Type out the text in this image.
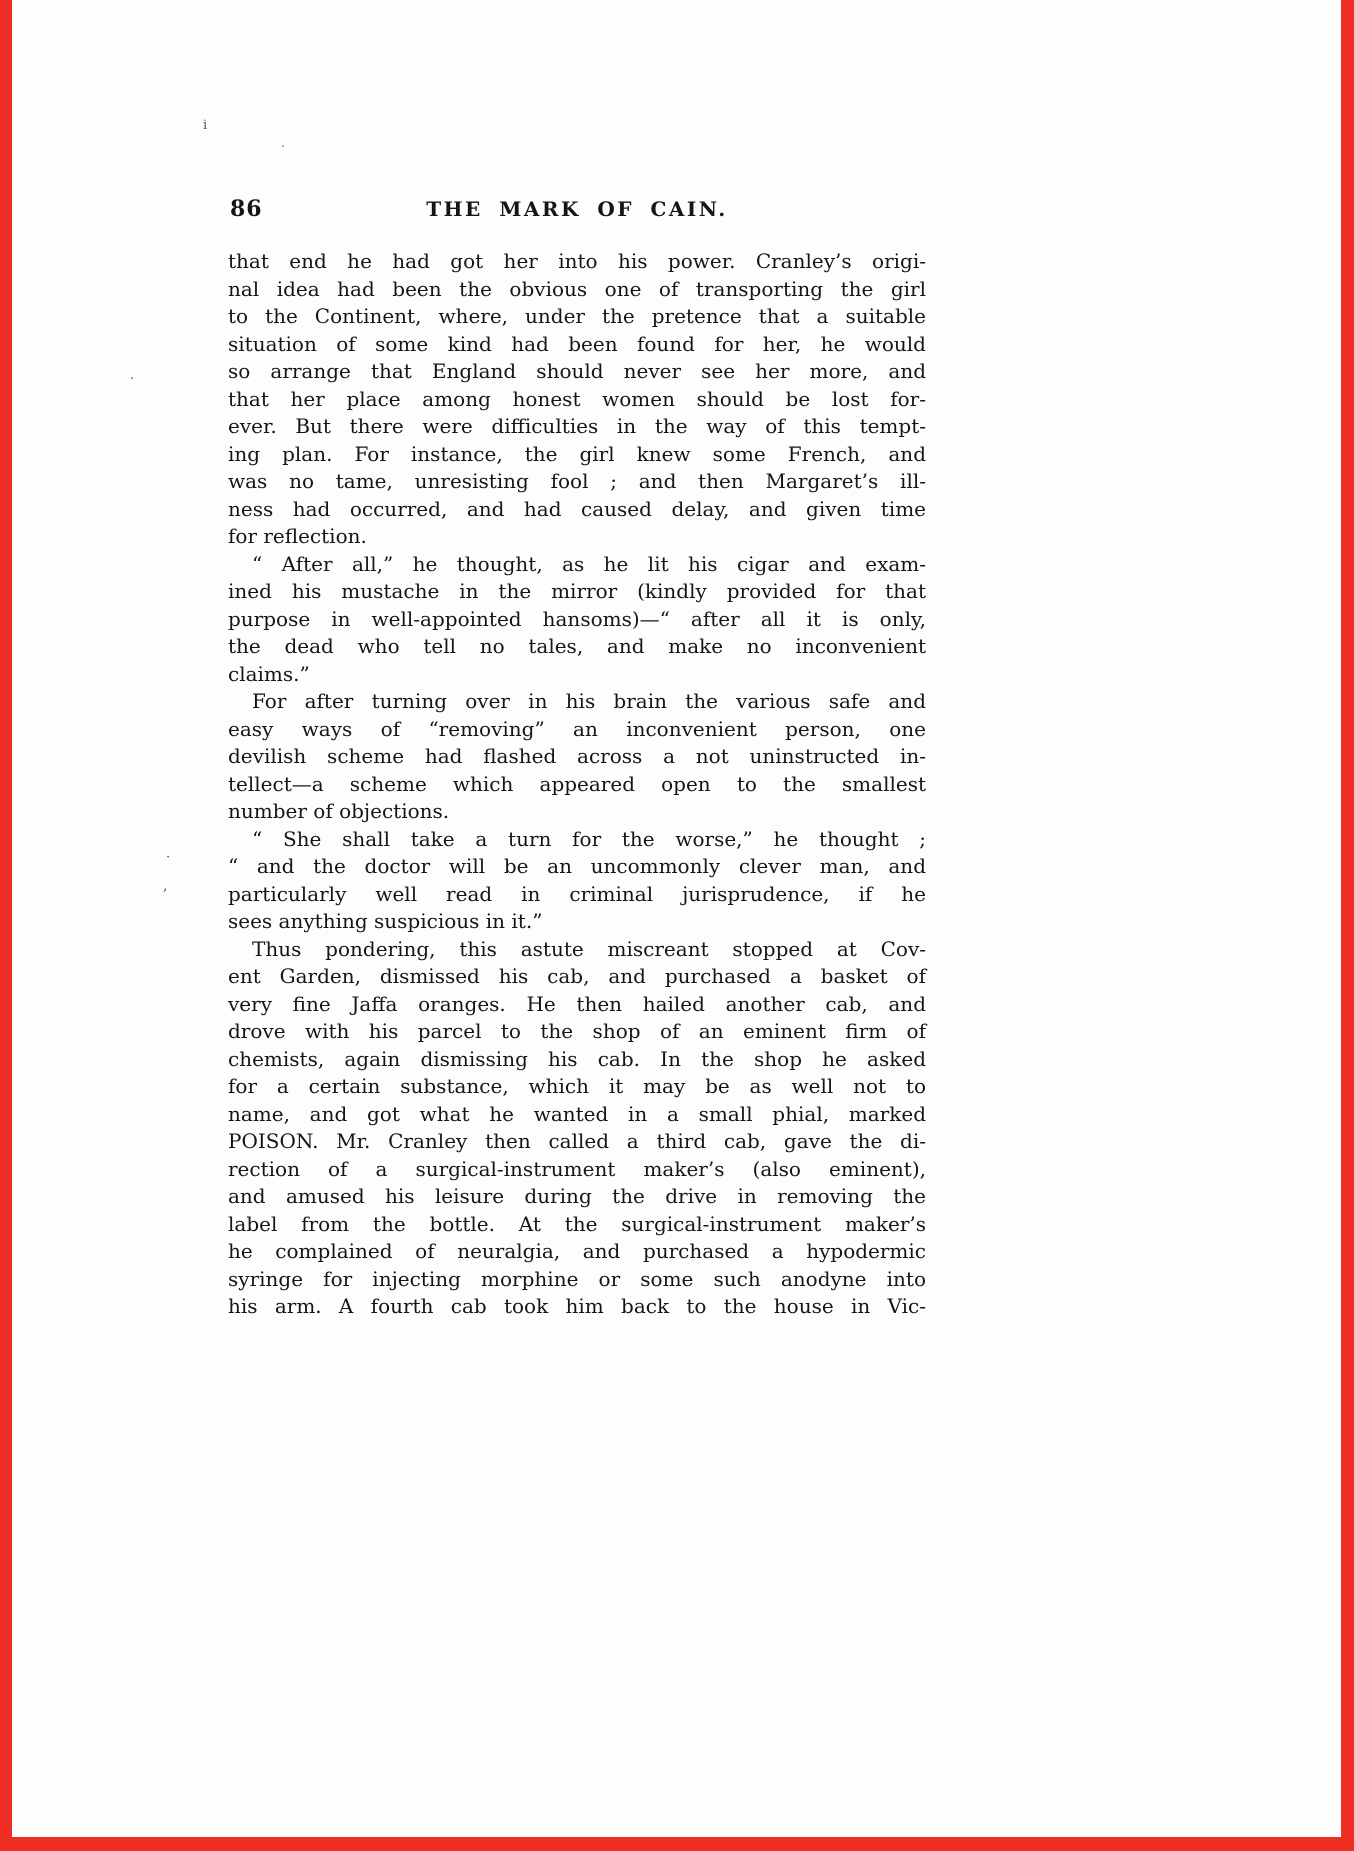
i
.
.
·
,
86	THE MARK OF CAIN.
that end he had got her into his power. Cranley’s origi-
nal idea had been the obvious one of transporting the girl
to the Continent, where, under the pretence that a suitable
situation of some kind had been found for her, he would
so arrange that England should never see her more, and
that her place among honest women should be lost for-
ever. But there were difficulties in the way of this tempt-
ing plan. For instance, the girl knew some French, and
was no tame, unresisting fool ; and then Margaret’s ill-
ness had occurred, and had caused delay, and given time
for reflection.
“ After all,” he thought, as he lit his cigar and exam-
ined his mustache in the mirror (kindly provided for that
purpose in well-appointed hansoms)—“ after all it is only,
the dead who tell no tales, and make no inconvenient
claims.”
For after turning over in his brain the various safe and
easy ways of “removing” an inconvenient person, one
devilish scheme had flashed across a not uninstructed in-
tellect—a scheme which appeared open to the smallest
number of objections.
“ She shall take a turn for the worse,” he thought ;
“ and the doctor will be an uncommonly clever man, and
particularly well read in criminal jurisprudence, if he
sees anything suspicious in it.”
Thus pondering, this astute miscreant stopped at Cov-
ent Garden, dismissed his cab, and purchased a basket of
very fine Jaffa oranges. He then hailed another cab, and
drove with his parcel to the shop of an eminent firm of
chemists, again dismissing his cab. In the shop he asked
for a certain substance, which it may be as well not to
name, and got what he wanted in a small phial, marked
POISON. Mr. Cranley then called a third cab, gave the di-
rection of a surgical-instrument maker’s (also eminent),
and amused his leisure during the drive in removing the
label from the bottle. At the surgical-instrument maker’s
he complained of neuralgia, and purchased a hypodermic
syringe for injecting morphine or some such anodyne into
his arm. A fourth cab took him back to the house in Vic-
